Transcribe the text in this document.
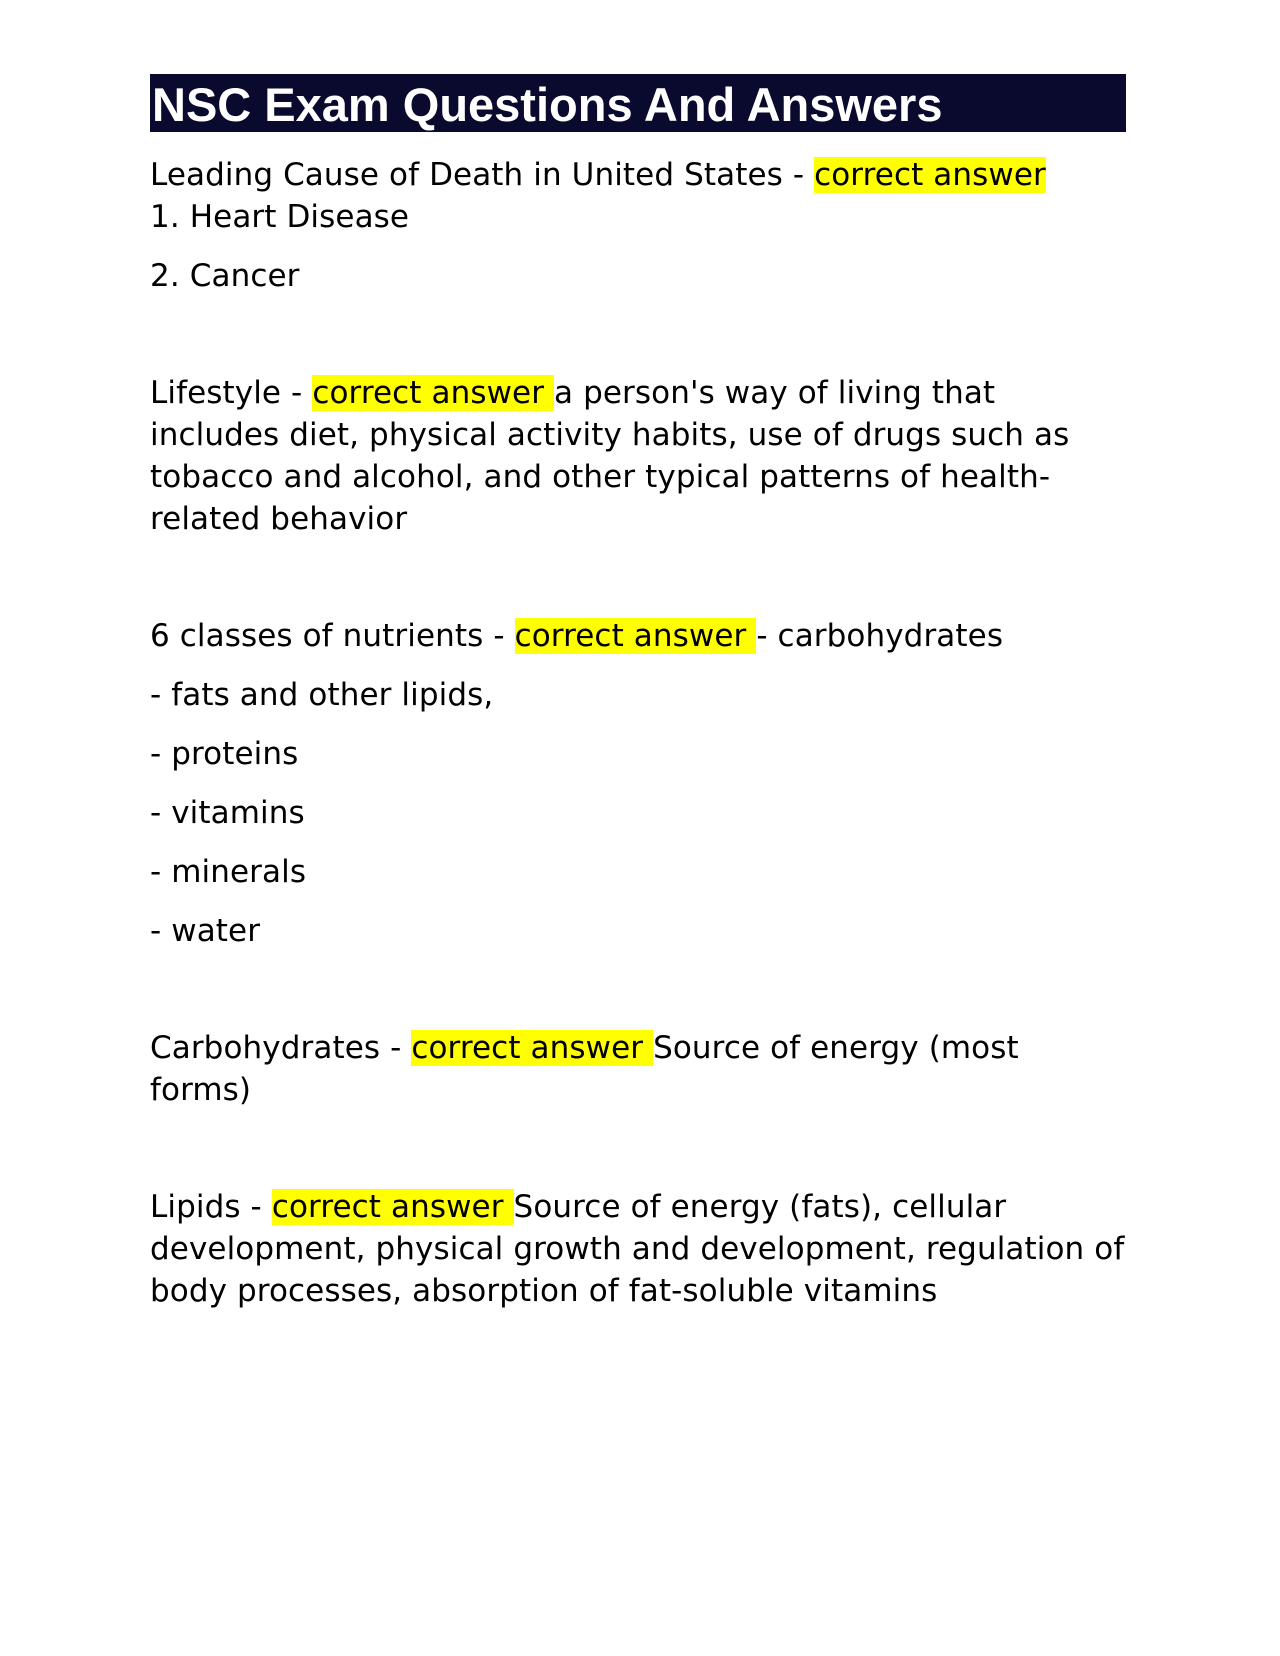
NSC Exam Questions And Answers

Leading Cause of Death in United States - correct answer

1. Heart Disease

2. Cancer

Lifestyle - correct answer a person's way of living that includes diet, physical activity habits, use of drugs such as tobacco and alcohol, and other typical patterns of health-related behavior

6 classes of nutrients - correct answer - carbohydrates

- fats and other lipids,

- proteins

- vitamins

- minerals

- water

Carbohydrates - correct answer Source of energy (most forms)

Lipids - correct answer Source of energy (fats), cellular development, physical growth and development, regulation of body processes, absorption of fat-soluble vitamins
